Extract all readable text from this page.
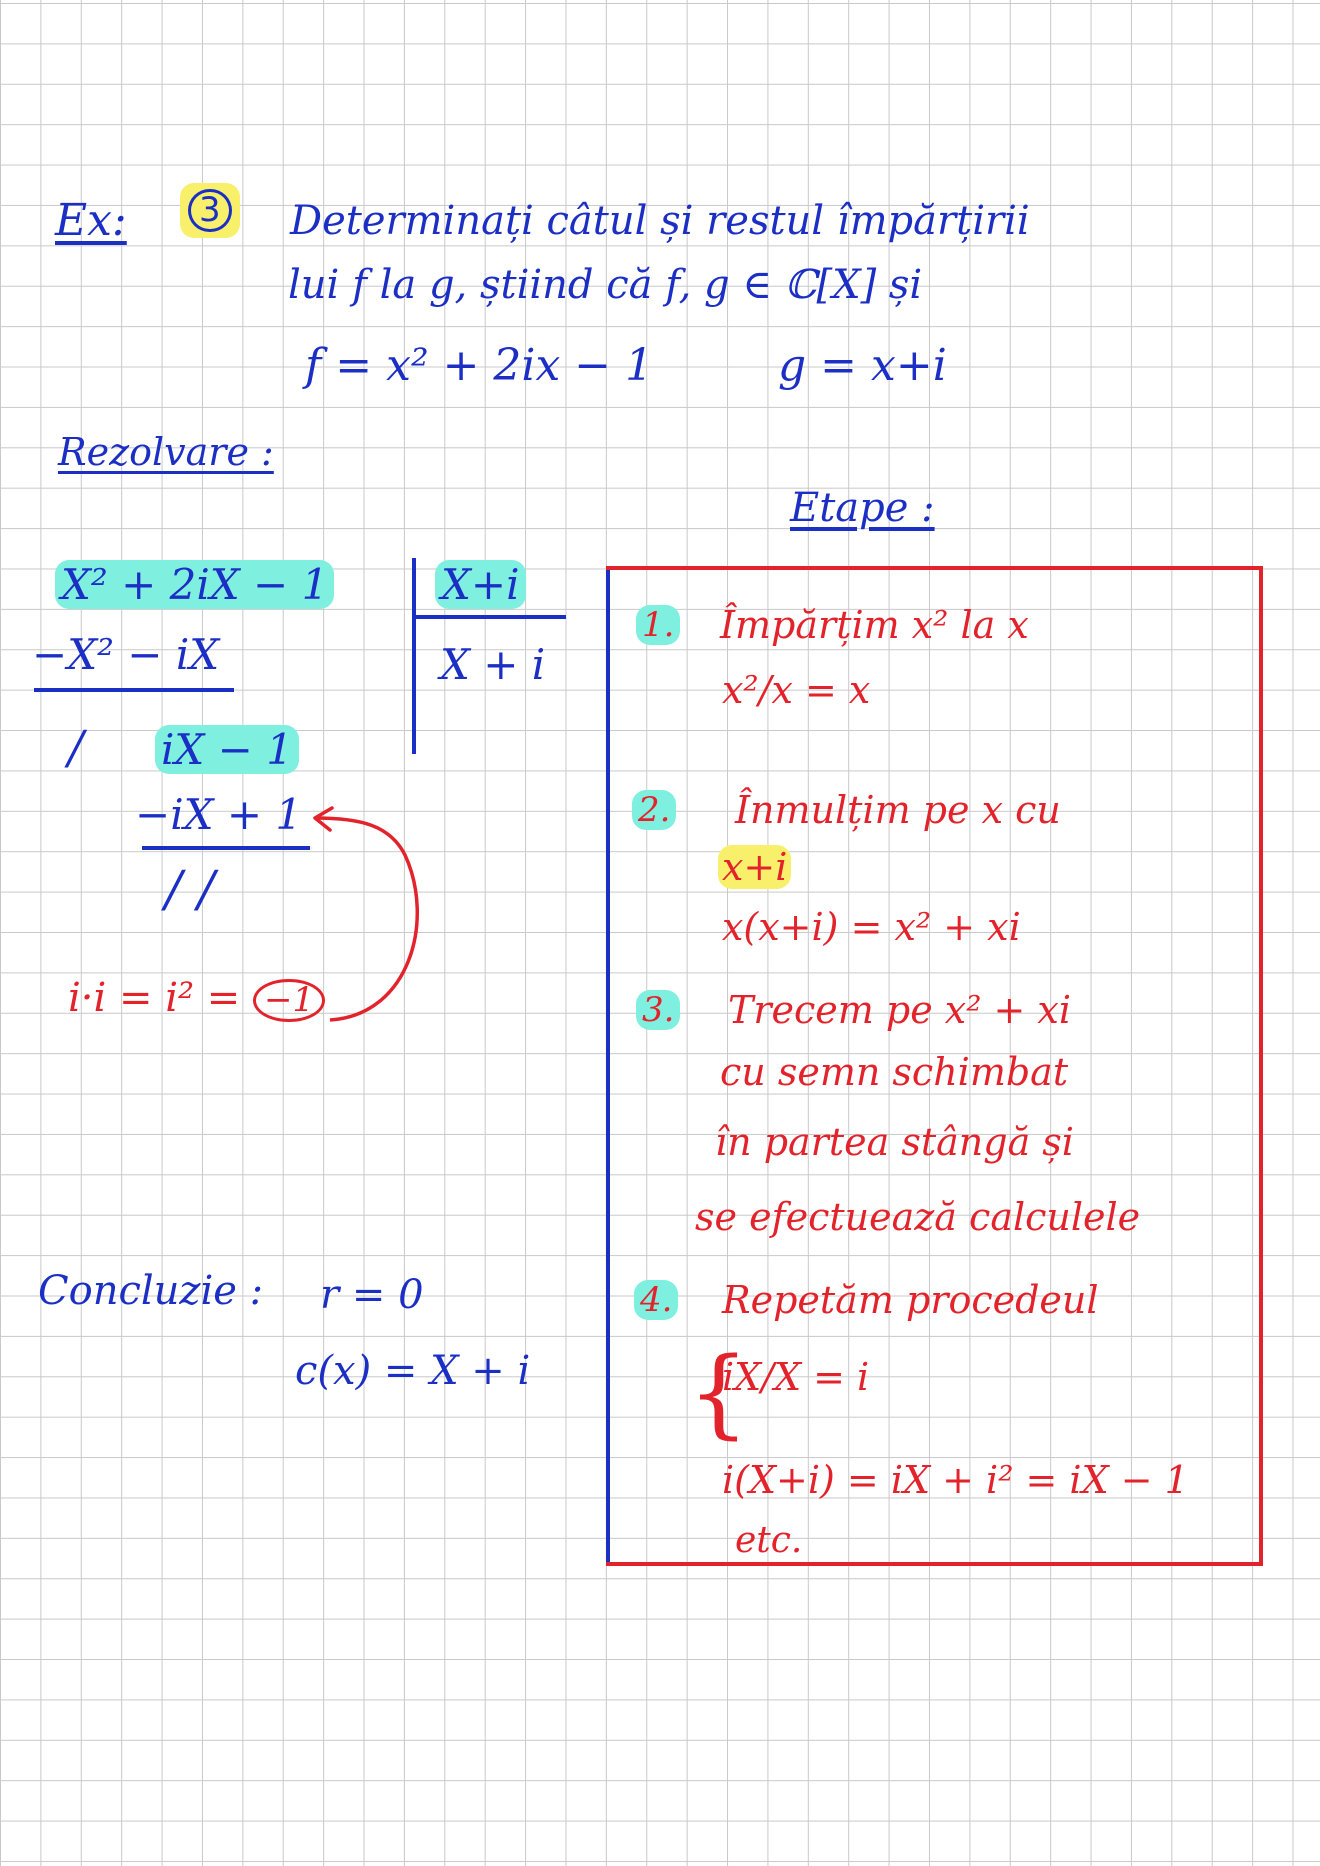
Ex:	3	Determinați câtul și restul împărțirii
lui f la g, știind că f, g ∈ ℂ[X] și
f = x² + 2ix − 1	g = x+i
Rezolvare :
X² + 2iX − 1	X+i
X + i
−X² − iX
/ iX − 1
−iX + 1
/ /
i·i = i² = −1
Concluzie : r = 0
c(x) = X + i
Etape :
1. Împărțim x² la x
x²/x = x
2. Înmulțim pe x cu
x+i
x(x+i) = x² + xi
3. Trecem pe x² + xi
cu semn schimbat
în partea stângă și
se efectuează calculele
4. Repetăm procedeul
{
iX/X = i
i(X+i) = iX + i² = iX − 1
etc.
